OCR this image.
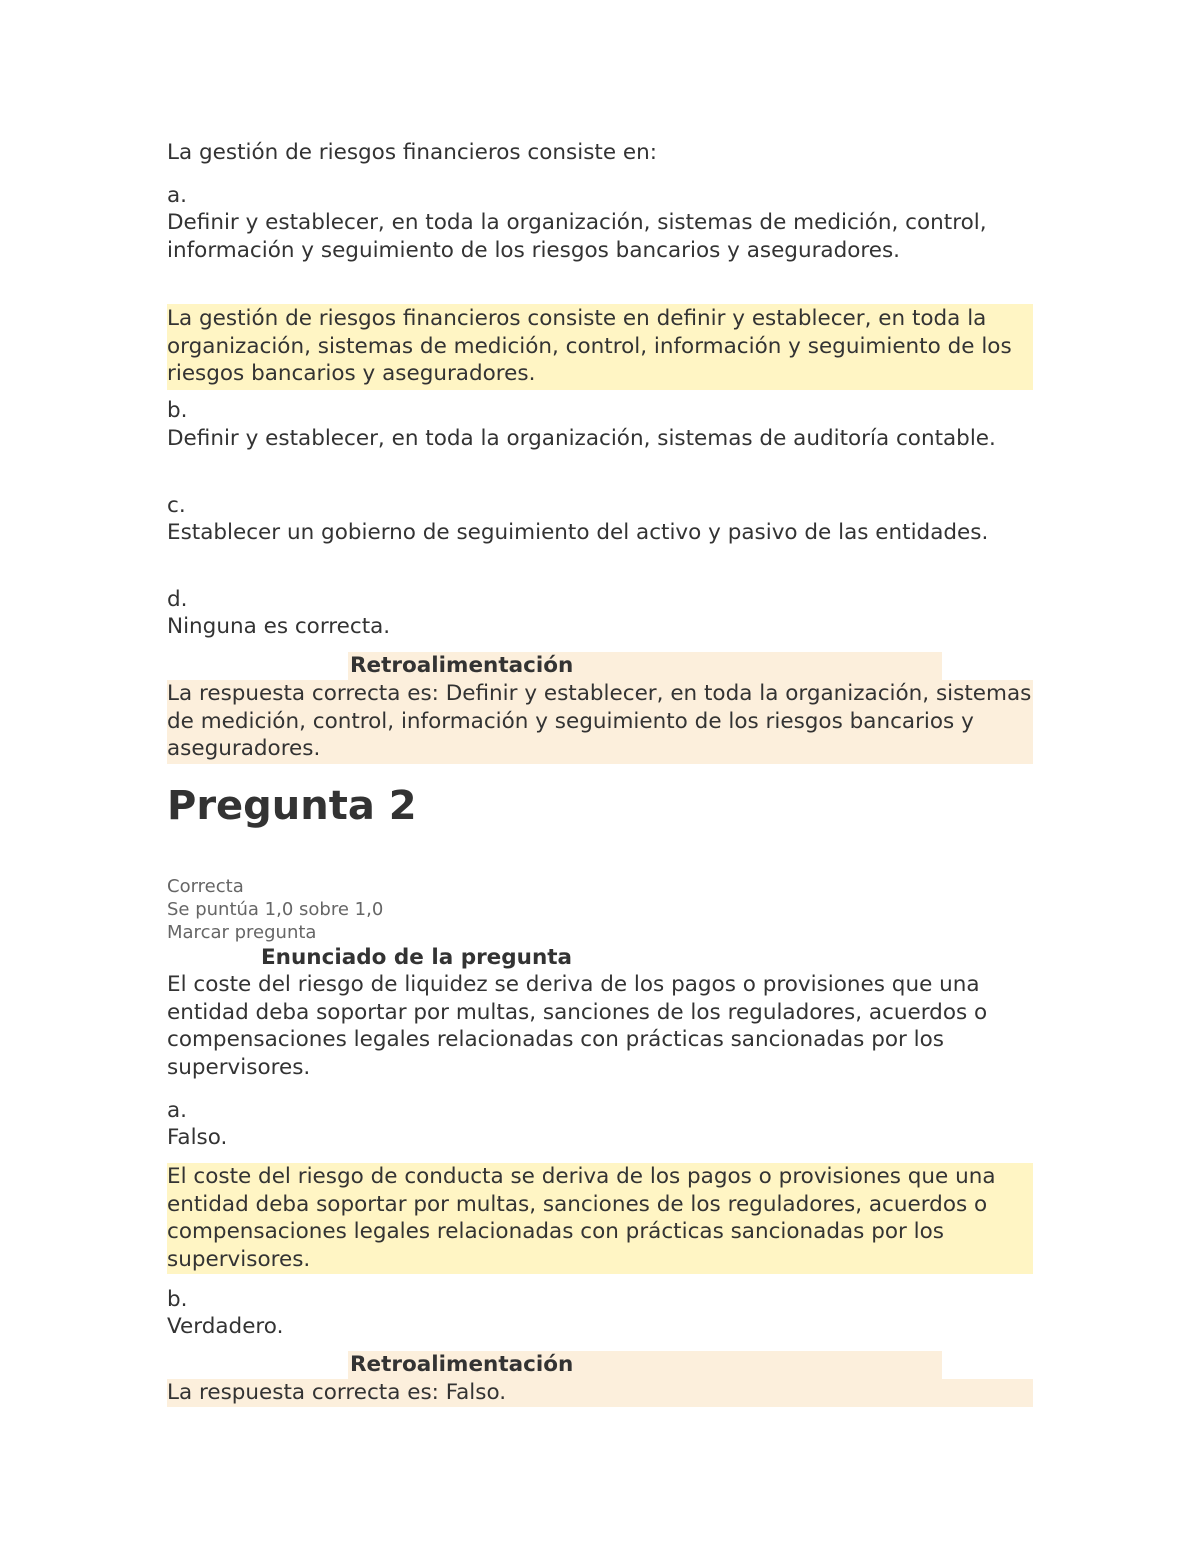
La gestión de riesgos financieros consiste en:
a.
Definir y establecer, en toda la organización, sistemas de medición, control, información y seguimiento de los riesgos bancarios y aseguradores.
La gestión de riesgos financieros consiste en definir y establecer, en toda la organización, sistemas de medición, control, información y seguimiento de los riesgos bancarios y aseguradores.
b.
Definir y establecer, en toda la organización, sistemas de auditoría contable.
c.
Establecer un gobierno de seguimiento del activo y pasivo de las entidades.
d.
Ninguna es correcta.
Retroalimentación
La respuesta correcta es: Definir y establecer, en toda la organización, sistemas de medición, control, información y seguimiento de los riesgos bancarios y aseguradores.
Pregunta 2
Correcta
Se puntúa 1,0 sobre 1,0
Marcar pregunta
Enunciado de la pregunta
El coste del riesgo de liquidez se deriva de los pagos o provisiones que una entidad deba soportar por multas, sanciones de los reguladores, acuerdos o compensaciones legales relacionadas con prácticas sancionadas por los supervisores.
a.
Falso.
El coste del riesgo de conducta se deriva de los pagos o provisiones que una entidad deba soportar por multas, sanciones de los reguladores, acuerdos o compensaciones legales relacionadas con prácticas sancionadas por los supervisores.
b.
Verdadero.
Retroalimentación
La respuesta correcta es: Falso.
